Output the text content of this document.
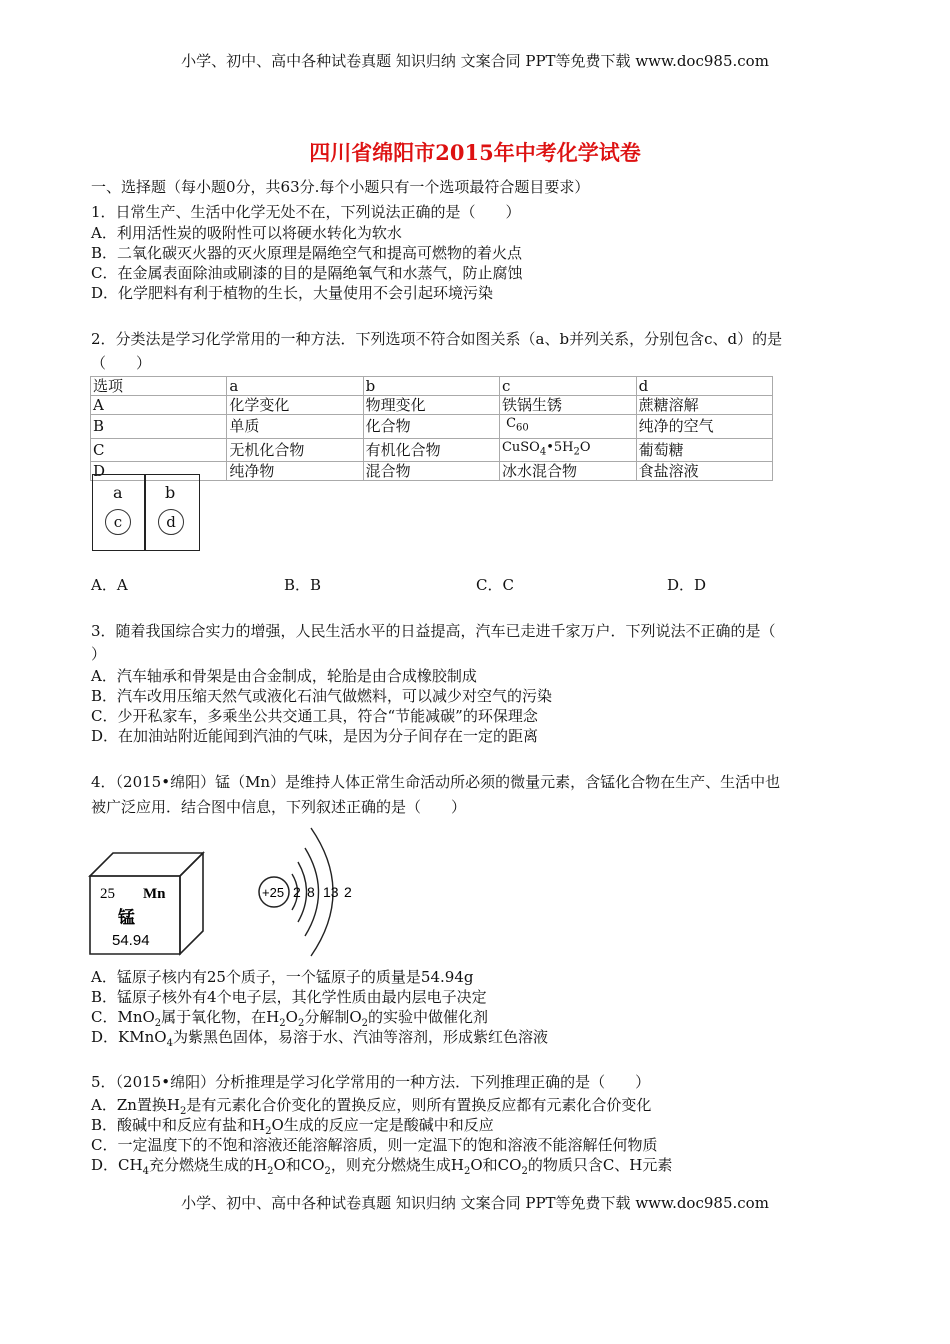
小学、初中、高中各种试卷真题 知识归纳 文案合同 PPT等免费下载 www.doc985.com
四川省绵阳市2015年中考化学试卷
一、选择题（每小题0分，共63分.每个小题只有一个选项最符合题目要求）
1．日常生产、生活中化学无处不在，下列说法正确的是（　　）
A．利用活性炭的吸附性可以将硬水转化为软水
B．二氧化碳灭火器的灭火原理是隔绝空气和提高可燃物的着火点
C．在金属表面除油或刷漆的目的是隔绝氧气和水蒸气，防止腐蚀
D．化学肥料有利于植物的生长，大量使用不会引起环境污染
2．分类法是学习化学常用的一种方法．下列选项不符合如图关系（a、b并列关系，分别包含c、d）的是
（　　）
选项	a	b	c	d
A	化学变化	物理变化	铁锅生锈	蔗糖溶解
B	单质	化合物	$C_{60}$	纯净的空气
C	无机化合物	有机化合物	$CuSO_4•5H_2O$	葡萄糖
D	纯净物	混合物	冰水混合物	食盐溶液
a	b
c	d
A．A	B．B	C．C	D．D
3．随着我国综合实力的增强，人民生活水平的日益提高，汽车已走进千家万户．下列说法不正确的是（
）
A．汽车轴承和骨架是由合金制成，轮胎是由合成橡胶制成
B．汽车改用压缩天然气或液化石油气做燃料，可以减少对空气的污染
C．少开私家车，多乘坐公共交通工具，符合“节能减碳”的环保理念
D．在加油站附近能闻到汽油的气味，是因为分子间存在一定的距离
4．（2015•绵阳）锰（Mn）是维持人体正常生命活动所必须的微量元素，含锰化合物在生产、生活中也
被广泛应用．结合图中信息，下列叙述正确的是（　　）
25 Mn
锰
54.94
+25 2 8 13 2
A．锰原子核内有25个质子，一个锰原子的质量是54.94g
B．锰原子核外有4个电子层，其化学性质由最内层电子决定
C．MnO$_2$属于氧化物，在$H_2O_2$分解制$O_2$的实验中做催化剂
D．KMnO$_4$为紫黑色固体，易溶于水、汽油等溶剂，形成紫红色溶液
5．（2015•绵阳）分析推理是学习化学常用的一种方法．下列推理正确的是（　　）
A．Zn置换$H_2$是有元素化合价变化的置换反应，则所有置换反应都有元素化合价变化
B．酸碱中和反应有盐和$H_2O$生成的反应一定是酸碱中和反应
C．一定温度下的不饱和溶液还能溶解溶质，则一定温下的饱和溶液不能溶解任何物质
D．$CH_4$充分燃烧生成的$H_2O$和$CO_2$，则充分燃烧生成$H_2O$和$CO_2$的物质只含C、H元素
小学、初中、高中各种试卷真题 知识归纳 文案合同 PPT等免费下载 www.doc985.com
